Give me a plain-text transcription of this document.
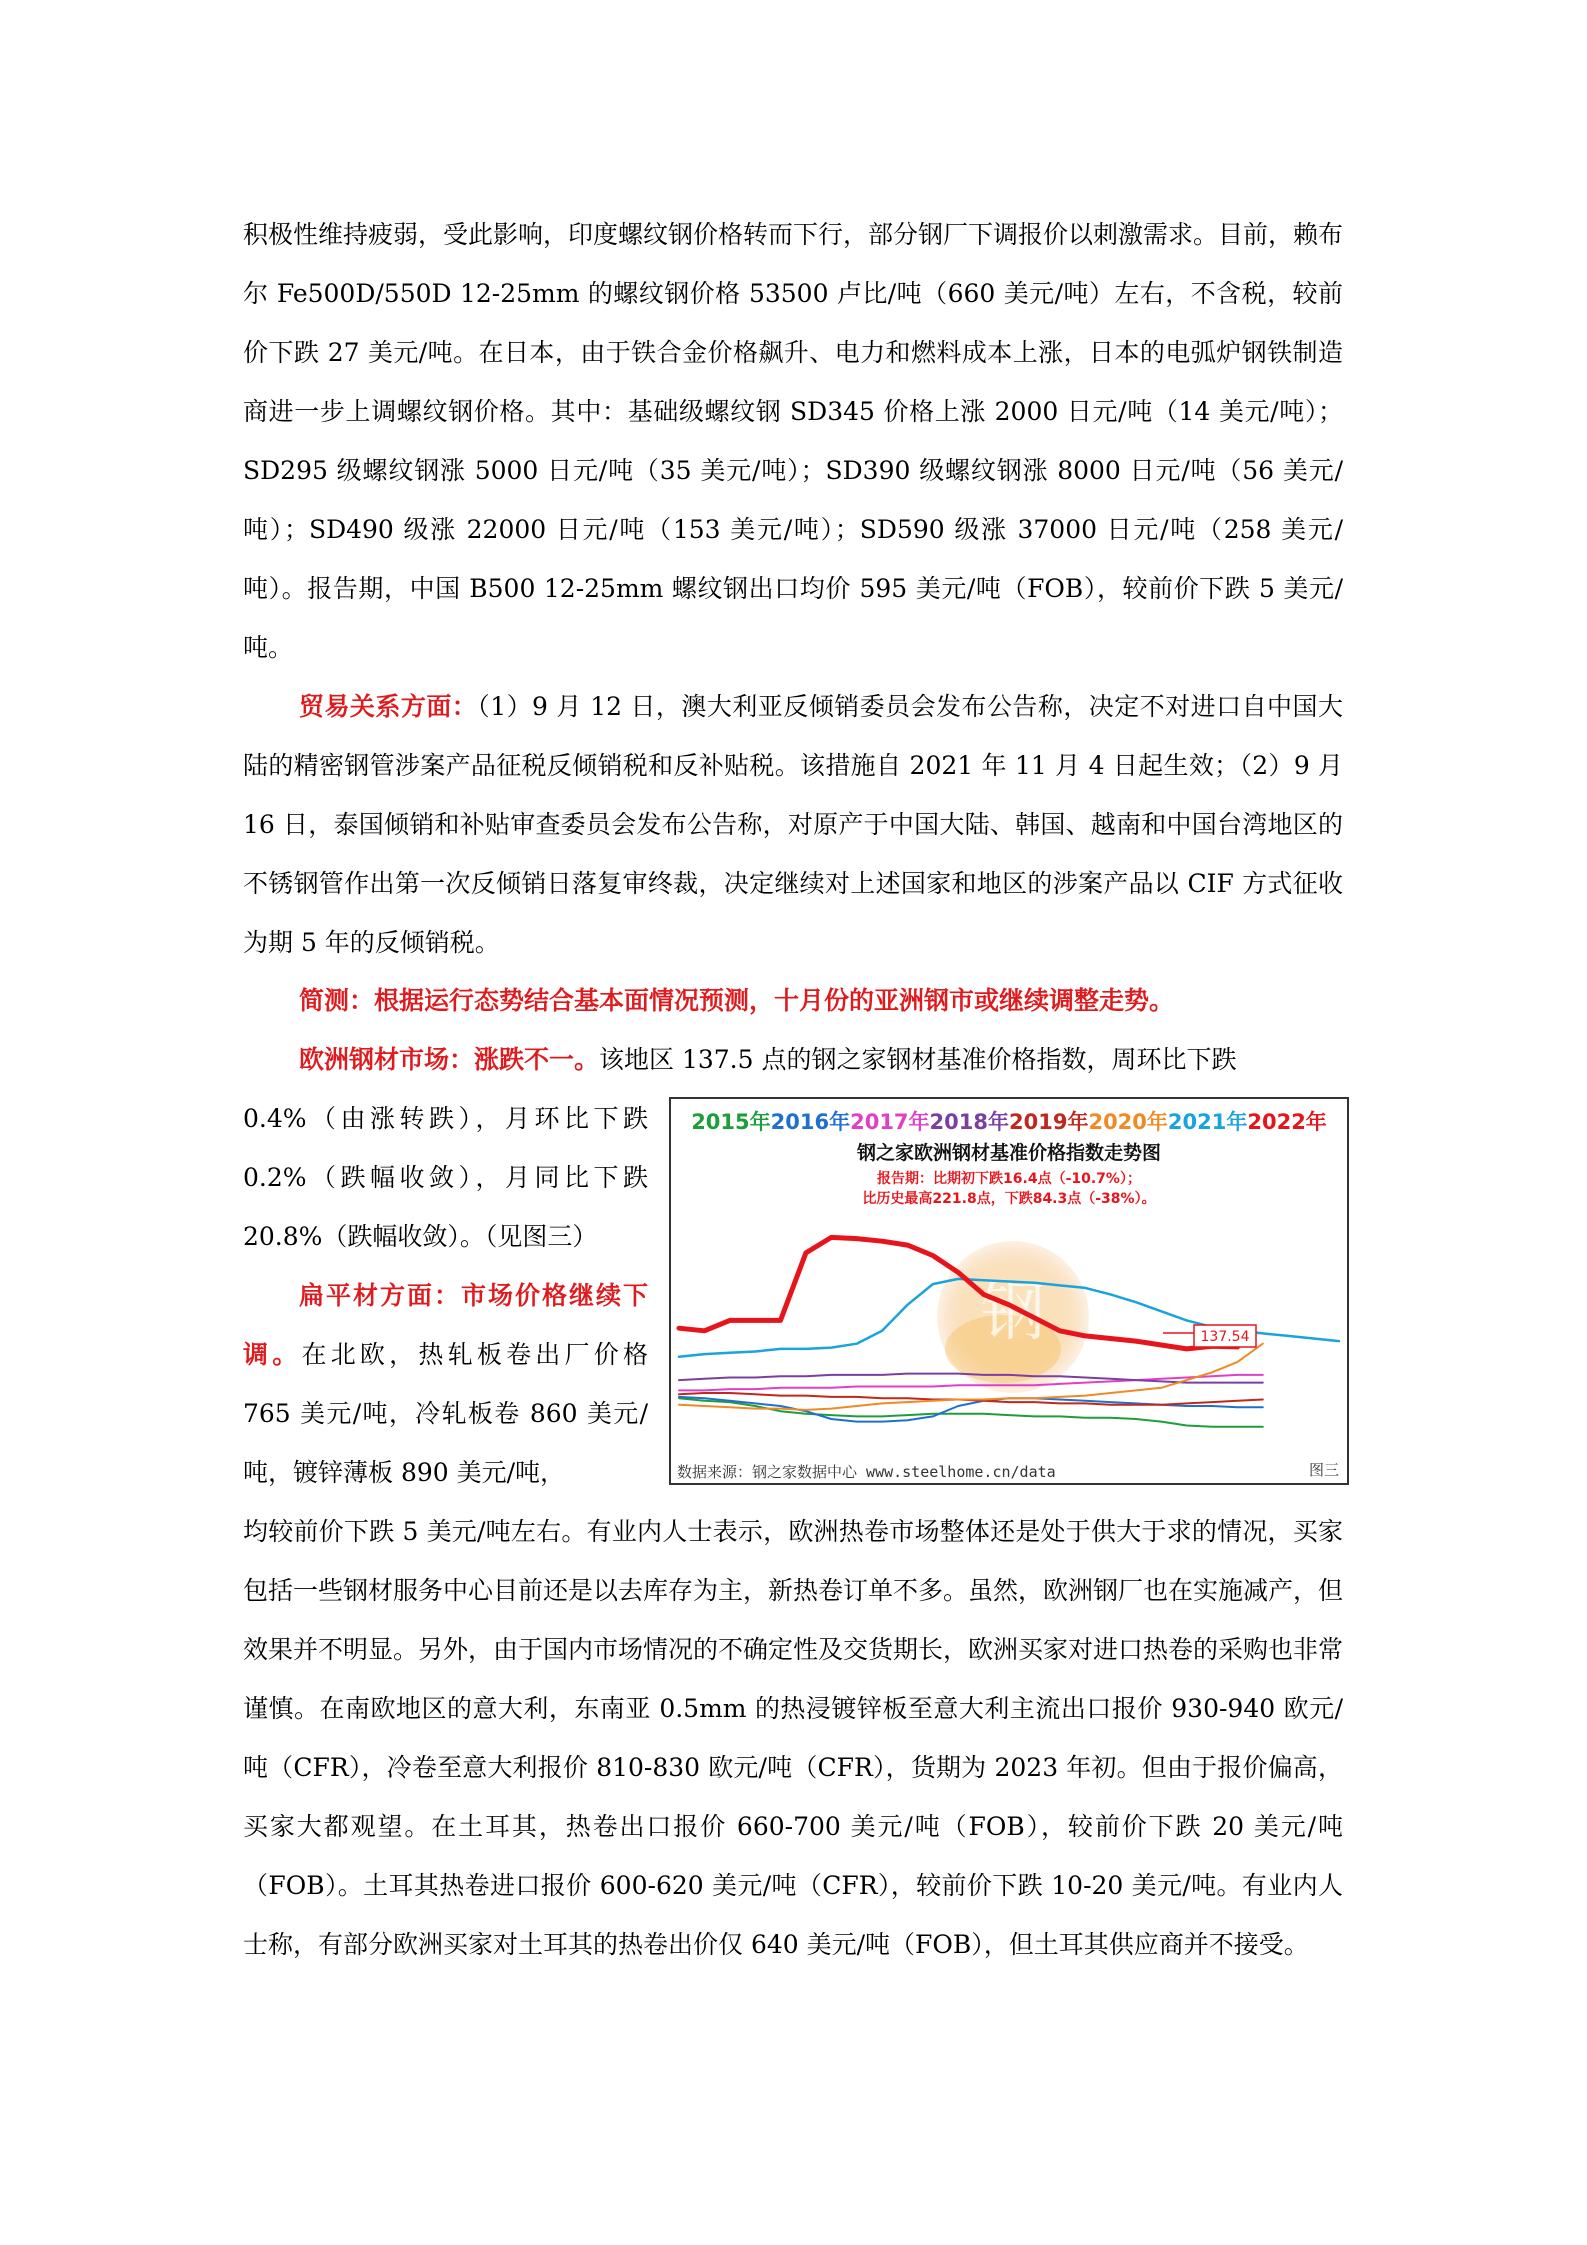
积极性维持疲弱，受此影响，印度螺纹钢价格转而下行，部分钢厂下调报价以刺激需求。目前，赖布尔 Fe500D/550D 12-25mm 的螺纹钢价格 53500 卢比/吨（660 美元/吨）左右，不含税，较前价下跌 27 美元/吨。在日本，由于铁合金价格飙升、电力和燃料成本上涨，日本的电弧炉钢铁制造商进一步上调螺纹钢价格。其中：基础级螺纹钢 SD345 价格上涨 2000 日元/吨（14 美元/吨）；SD295 级螺纹钢涨 5000 日元/吨（35 美元/吨）；SD390 级螺纹钢涨 8000 日元/吨（56 美元/吨）；SD490 级涨 22000 日元/吨（153 美元/吨）；SD590 级涨 37000 日元/吨（258 美元/吨）。报告期，中国 B500 12-25mm 螺纹钢出口均价 595 美元/吨（FOB），较前价下跌 5 美元/吨。

贸易关系方面：（1）9 月 12 日，澳大利亚反倾销委员会发布公告称，决定不对进口自中国大陆的精密钢管涉案产品征税反倾销税和反补贴税。该措施自 2021 年 11 月 4 日起生效；（2）9 月 16 日，泰国倾销和补贴审查委员会发布公告称，对原产于中国大陆、韩国、越南和中国台湾地区的不锈钢管作出第一次反倾销日落复审终裁，决定继续对上述国家和地区的涉案产品以 CIF 方式征收为期 5 年的反倾销税。

简测：根据运行态势结合基本面情况预测，十月份的亚洲钢市或继续调整走势。

欧洲钢材市场：涨跌不一。该地区 137.5 点的钢之家钢材基准价格指数，周环比下跌

0.4%（由涨转跌），月环比下跌 0.2%（跌幅收敛），月同比下跌 20.8%（跌幅收敛）。（见图三）

扁平材方面：市场价格继续下调。在北欧，热轧板卷出厂价格 765 美元/吨，冷轧板卷 860 美元/吨，镀锌薄板 890 美元/吨，

均较前价下跌 5 美元/吨左右。有业内人士表示，欧洲热卷市场整体还是处于供大于求的情况，买家包括一些钢材服务中心目前还是以去库存为主，新热卷订单不多。虽然，欧洲钢厂也在实施减产，但效果并不明显。另外，由于国内市场情况的不确定性及交货期长，欧洲买家对进口热卷的采购也非常谨慎。在南欧地区的意大利，东南亚 0.5mm 的热浸镀锌板至意大利主流出口报价 930-940 欧元/吨（CFR），冷卷至意大利报价 810-830 欧元/吨（CFR），货期为 2023 年初。但由于报价偏高，买家大都观望。在土耳其，热卷出口报价 660-700 美元/吨（FOB），较前价下跌 20 美元/吨（FOB）。土耳其热卷进口报价 600-620 美元/吨（CFR），较前价下跌 10-20 美元/吨。有业内人士称，有部分欧洲买家对土耳其的热卷出价仅 640 美元/吨（FOB），但土耳其供应商并不接受。

钢
2015年2016年2017年2018年2019年2020年2021年2022年
钢之家欧洲钢材基准价格指数走势图
报告期：比期初下跌16.4点（-10.7%）；
比历史最高221.8点，下跌84.3点（-38%）。
137.54
数据来源：钢之家数据中心 www.steelhome.cn/data	图三
